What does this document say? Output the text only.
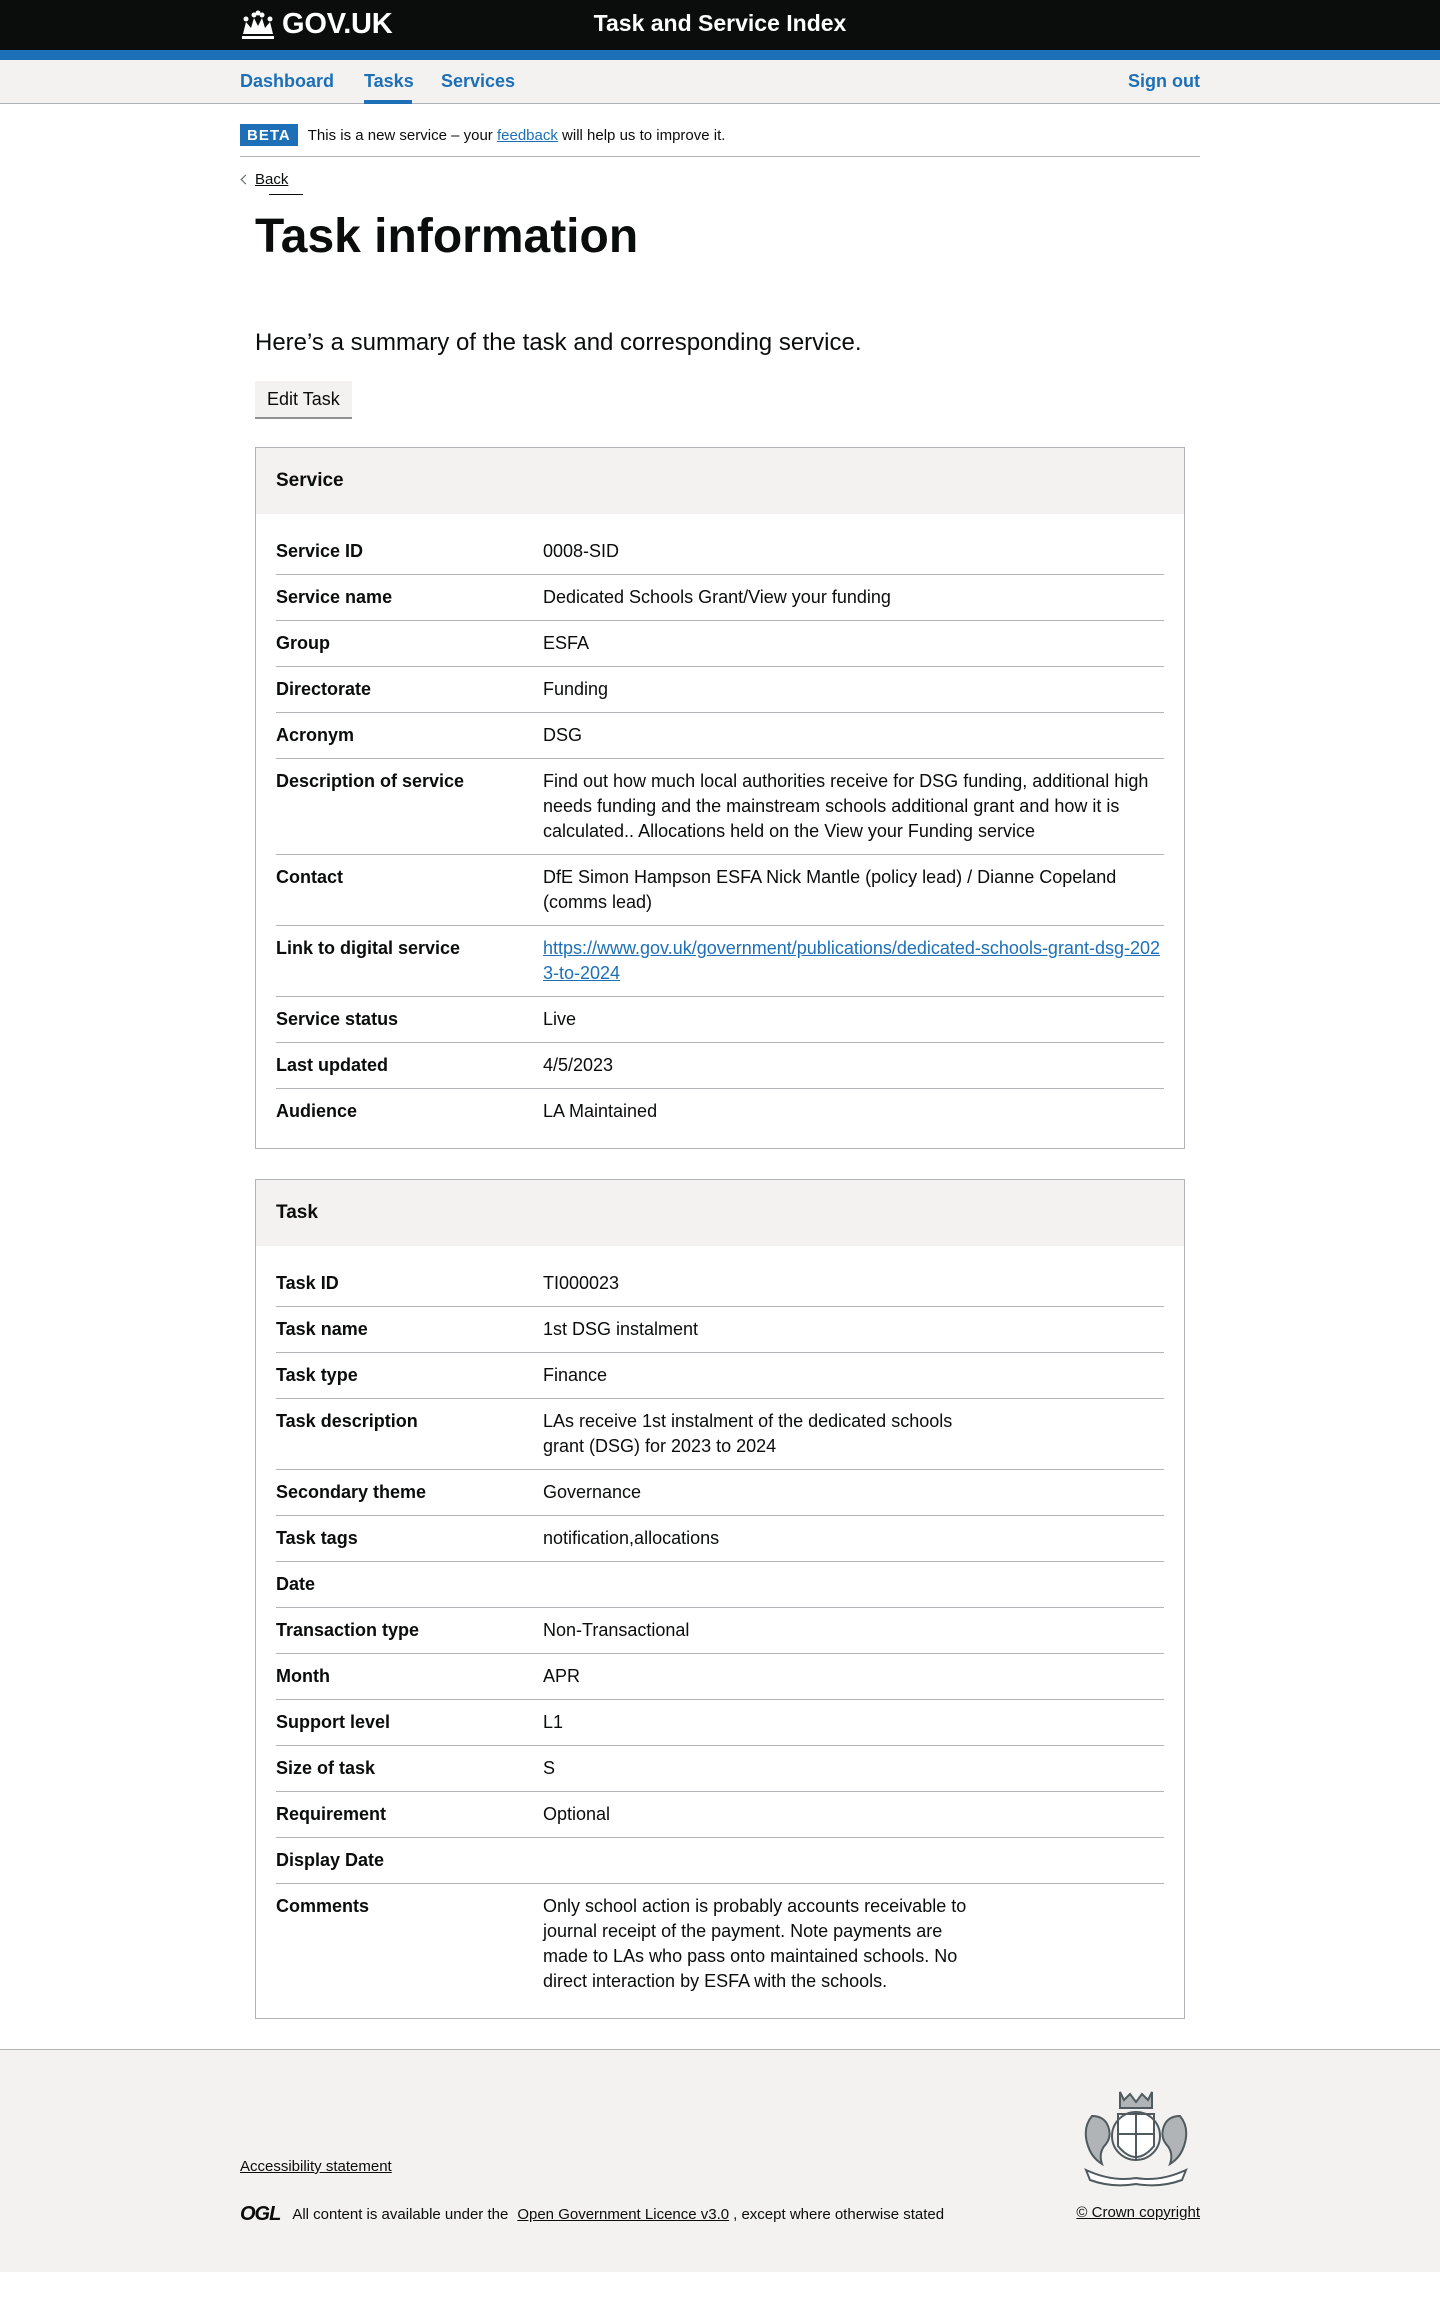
GOV.UK	Task and Service Index
Dashboard Tasks Services	Sign out
BETA	This is a new service – your feedback will help us to improve it.
Back
Task information

Here’s a summary of the task and corresponding service.

Edit Task
Service
Service ID	0008-SID
Service name	Dedicated Schools Grant/View your funding
Group	ESFA
Directorate	Funding
Acronym	DSG
Description of service	Find out how much local authorities receive for DSG funding, additional high needs funding and the mainstream schools additional grant and how it is calculated.. Allocations held on the View your Funding service
Contact	DfE Simon Hampson ESFA Nick Mantle (policy lead) / Dianne Copeland (comms lead)
Link to digital service	https://www.gov.uk/government/publications/dedicated-schools-grant-dsg-2023-to-2024
Service status	Live
Last updated	4/5/2023
Audience	LA Maintained
Task
Task ID	TI000023
Task name	1st DSG instalment
Task type	Finance
Task description	LAs receive 1st instalment of the dedicated schools grant (DSG) for 2023 to 2024
Secondary theme	Governance
Task tags	notification,allocations
Date
Transaction type	Non-Transactional
Month	APR
Support level	L1
Size of task	S
Requirement	Optional
Display Date
Comments	Only school action is probably accounts receivable to journal receipt of the payment. Note payments are made to LAs who pass onto maintained schools. No direct interaction by ESFA with the schools.
Accessibility statement
OGL All content is available under the Open Government Licence v3.0 , except where otherwise stated	© Crown copyright
